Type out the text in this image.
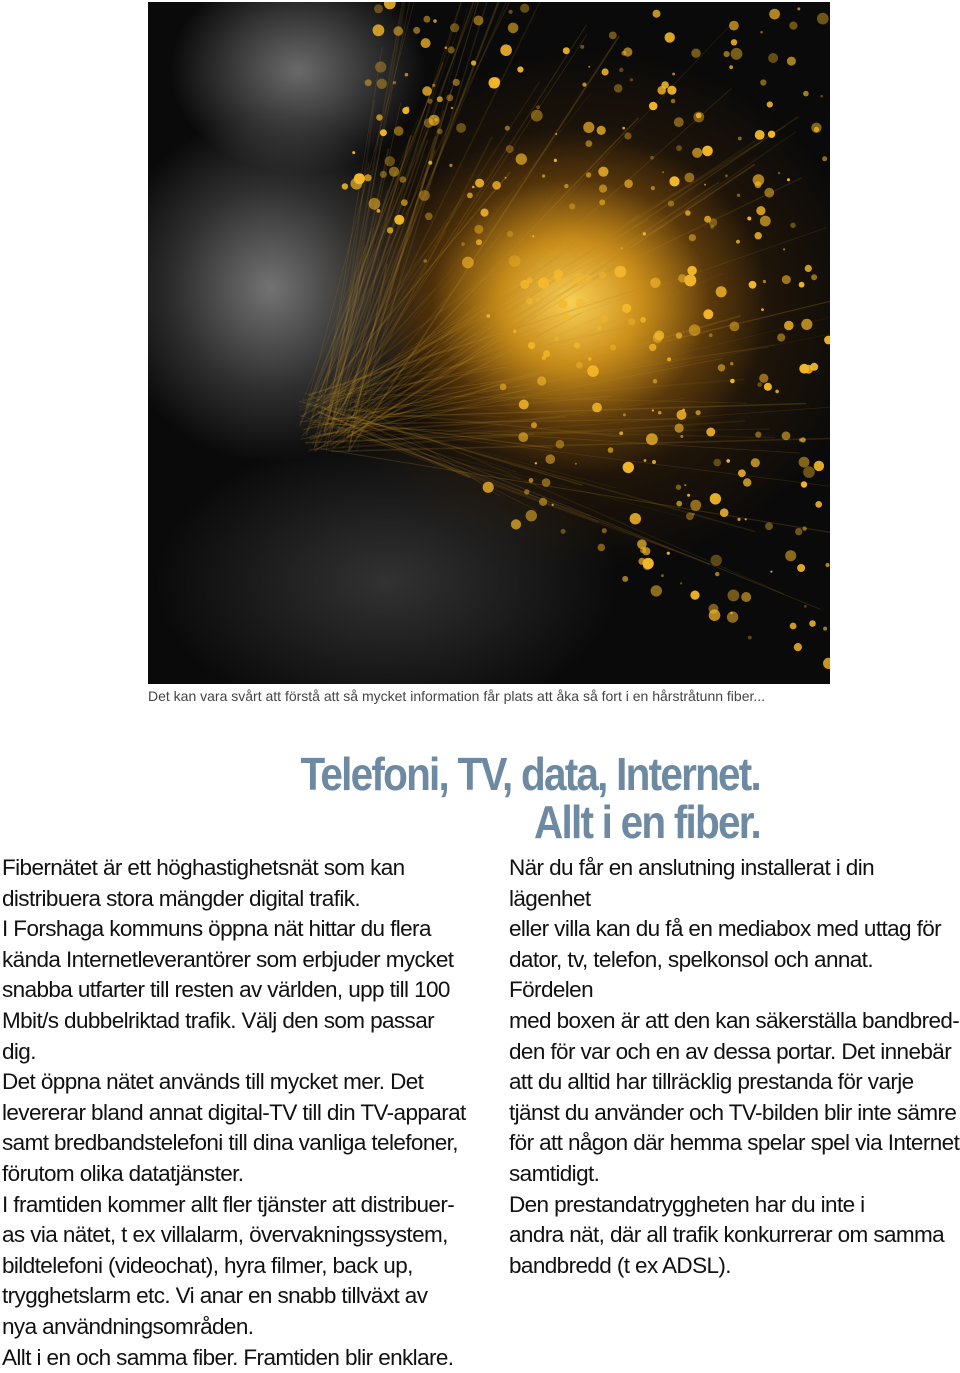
Det kan vara svårt att förstå att så mycket information får plats att åka så fort i en hårstråtunn fiber...
Telefoni, TV, data, Internet.
Allt i en fiber.

Fibernätet är ett höghastighetsnät som kan

distribuera stora mängder digital trafik.

I Forshaga kommuns öppna nät hittar du flera

kända Internetleverantörer som erbjuder mycket

snabba utfarter till resten av världen, upp till 100

Mbit/s dubbelriktad trafik. Välj den som passar

dig.

Det öppna nätet används till mycket mer. Det

levererar bland annat digital-TV till din TV-apparat

samt bredbandstelefoni till dina vanliga telefoner,

förutom olika datatjänster.

I framtiden kommer allt fler tjänster att distribuer-

as via nätet, t ex villalarm, övervakningssystem,

bildtelefoni (videochat), hyra filmer, back up,

trygghetslarm etc. Vi anar en snabb tillväxt av

nya användningsområden.

Allt i en och samma fiber. Framtiden blir enklare.

När du får en anslutning installerat i din lägenhet

eller villa kan du få en mediabox med uttag för

dator, tv, telefon, spelkonsol och annat. Fördelen

med boxen är att den kan säkerställa bandbred-

den för var och en av dessa portar. Det innebär

att du alltid har tillräcklig prestanda för varje

tjänst du använder och TV-bilden blir inte sämre

för att någon där hemma spelar spel via Internet

samtidigt.

Den prestandatryggheten har du inte i

andra nät, där all trafik konkurrerar om samma

bandbredd (t ex ADSL).
